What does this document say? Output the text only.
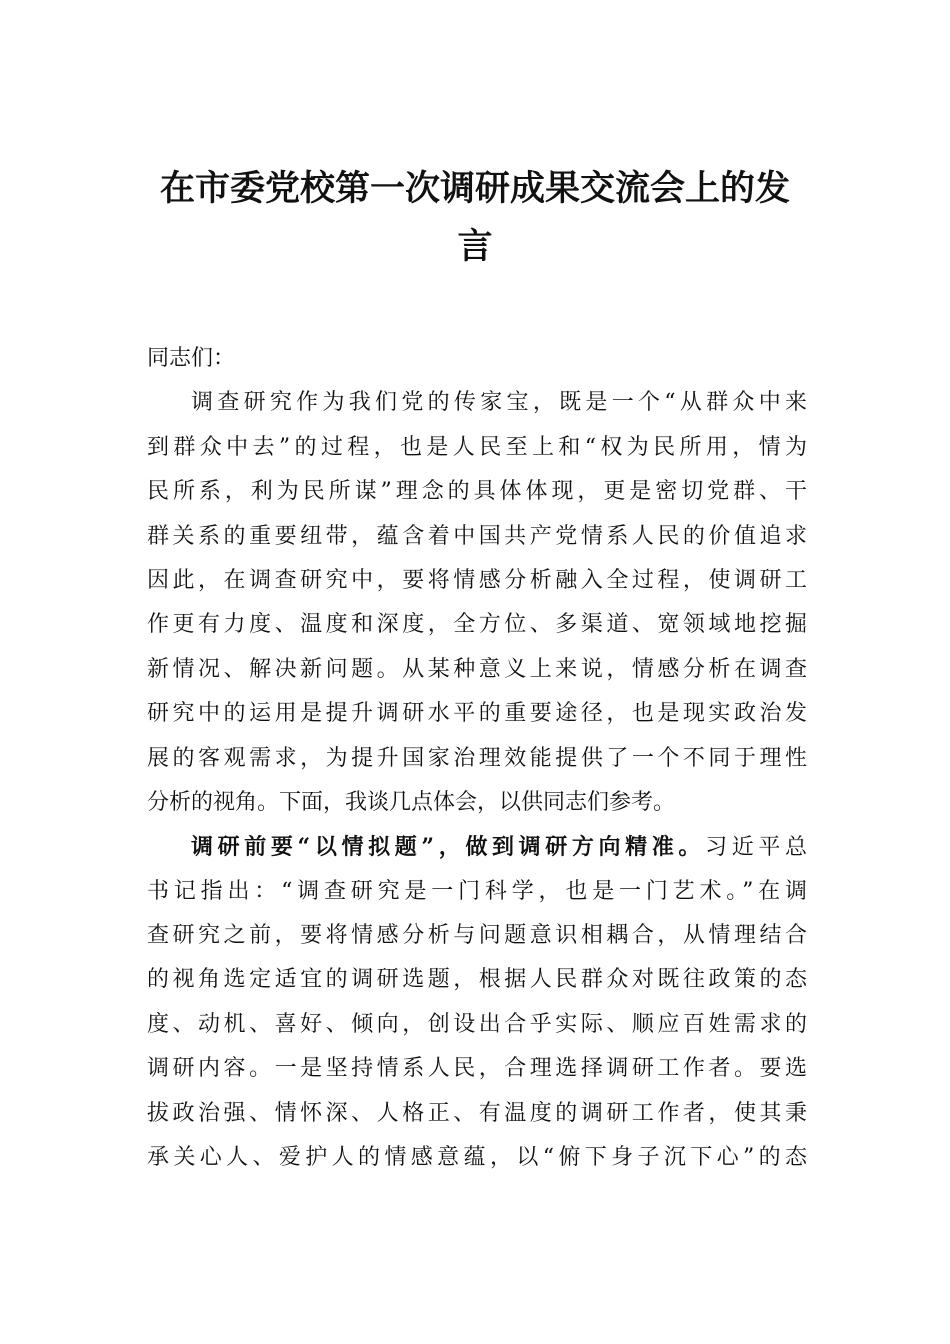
在市委党校第一次调研成果交流会上的发
言
同志们：
调查研究作为我们党的传家宝，既是一个“从群众中来
到群众中去”的过程，也是人民至上和“权为民所用，情为
民所系，利为民所谋”理念的具体体现，更是密切党群、干
群关系的重要纽带，蕴含着中国共产党情系人民的价值追求
因此，在调查研究中，要将情感分析融入全过程，使调研工
作更有力度、温度和深度，全方位、多渠道、宽领域地挖掘
新情况、解决新问题。从某种意义上来说，情感分析在调查
研究中的运用是提升调研水平的重要途径，也是现实政治发
展的客观需求，为提升国家治理效能提供了一个不同于理性
分析的视角。下面，我谈几点体会，以供同志们参考。
调研前要“以情拟题”，做到调研方向精准。习近平总
书记指出：“调查研究是一门科学，也是一门艺术。”在调
查研究之前，要将情感分析与问题意识相耦合，从情理结合
的视角选定适宜的调研选题，根据人民群众对既往政策的态
度、动机、喜好、倾向，创设出合乎实际、顺应百姓需求的
调研内容。一是坚持情系人民，合理选择调研工作者。要选
拔政治强、情怀深、人格正、有温度的调研工作者，使其秉
承关心人、爱护人的情感意蕴，以“俯下身子沉下心”的态
